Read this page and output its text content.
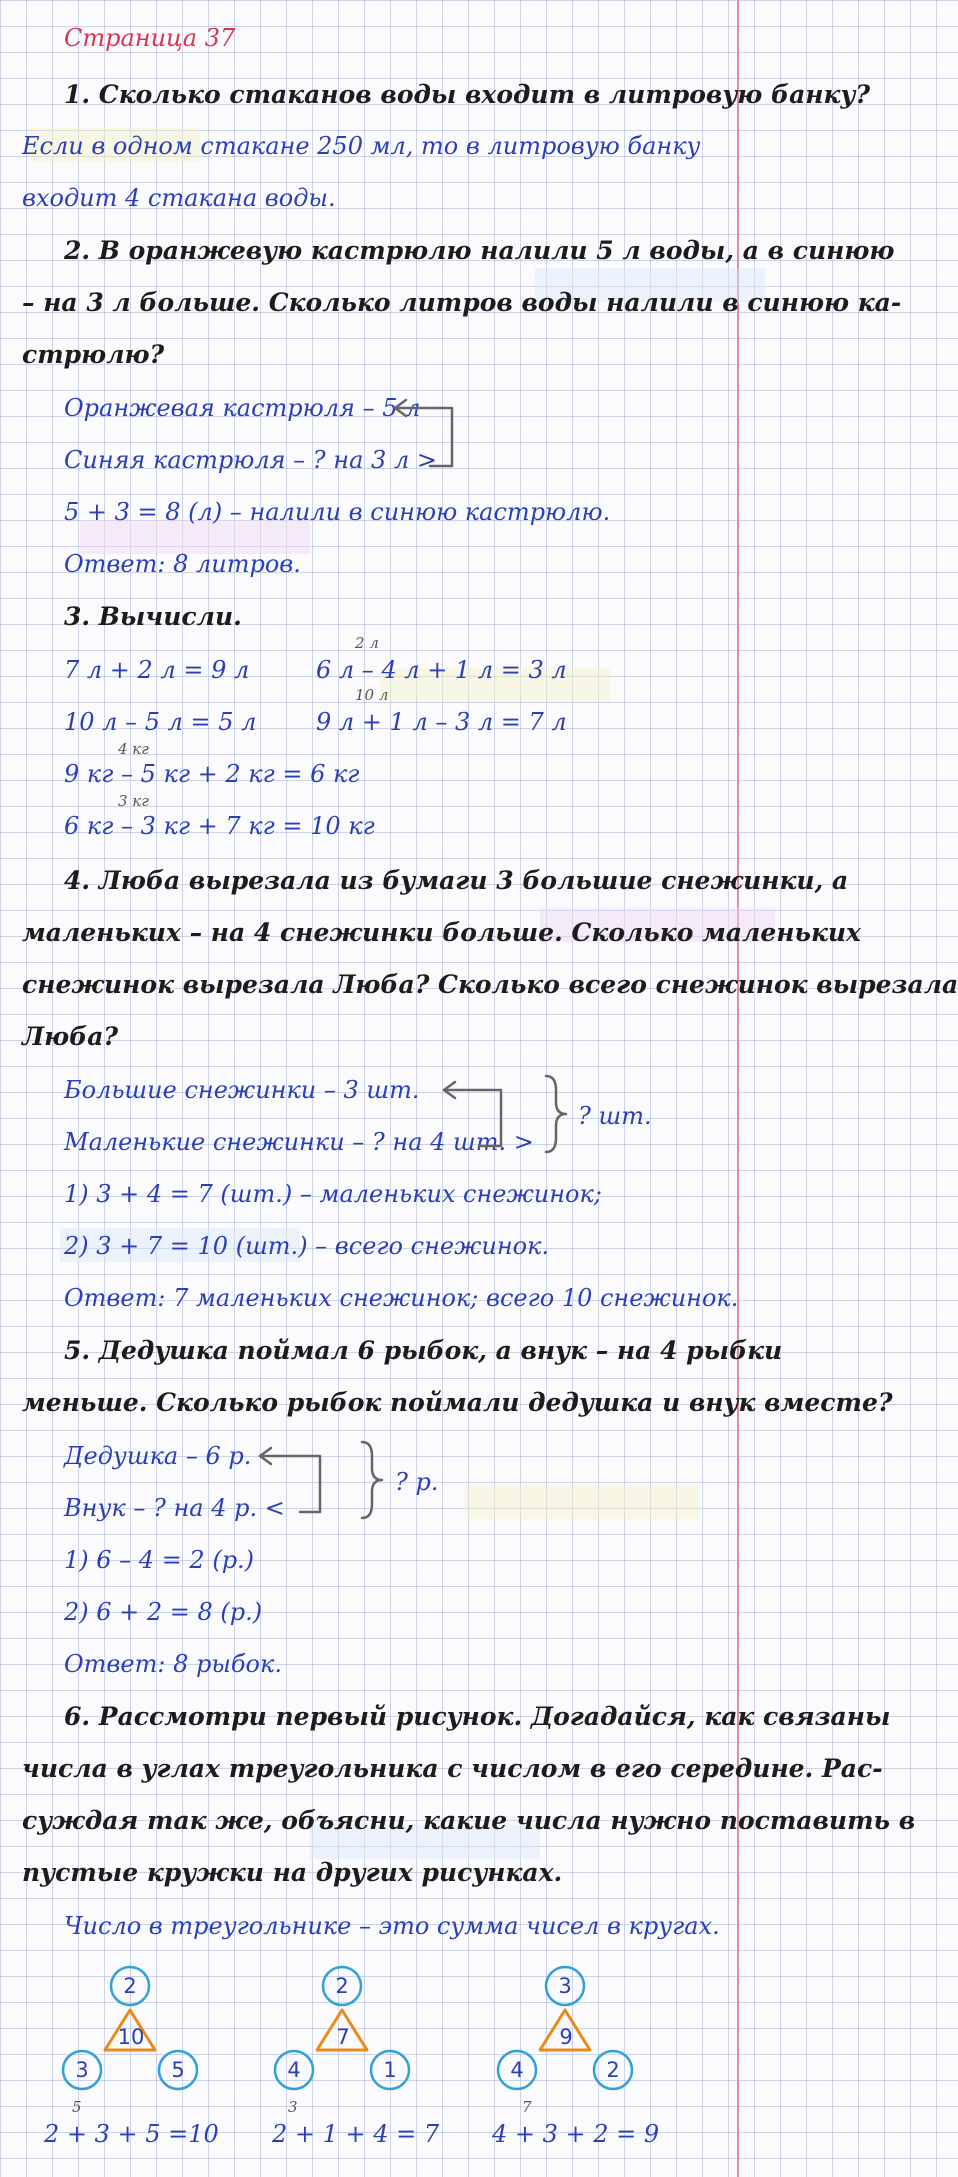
Страница 37
1. Сколько стаканов воды входит в литровую банку?
Если в одном стакане 250 мл, то в литровую банку
входит 4 стакана воды.
2. В оранжевую кастрюлю налили 5 л воды, а в синюю
– на 3 л больше. Сколько литров воды налили в синюю ка-
стрюлю?
Оранжевая кастрюля – 5 л
Синяя кастрюля – ? на 3 л >
5 + 3 = 8 (л) – налили в синюю кастрюлю.
Ответ: 8 литров.
3. Вычисли.
7 л + 2 л = 9 л
10 л – 5 л = 5 л
9 кг – 5 кг + 2 кг = 6 кг
6 кг – 3 кг + 7 кг = 10 кг
6 л – 4 л + 1 л = 3 л
9 л + 1 л – 3 л = 7 л
4 кг
3 кг
2 л
10 л
4. Люба вырезала из бумаги 3 большие снежинки, а
маленьких – на 4 снежинки больше. Сколько маленьких
снежинок вырезала Люба? Сколько всего снежинок вырезала
Люба?
Большие снежинки – 3 шт.
Маленькие снежинки – ? на 4 шт. >
? шт.
1) 3 + 4 = 7 (шт.) – маленьких снежинок;
2) 3 + 7 = 10 (шт.) – всего снежинок.
Ответ: 7 маленьких снежинок; всего 10 снежинок.
5. Дедушка поймал 6 рыбок, а внук – на 4 рыбки
меньше. Сколько рыбок поймали дедушка и внук вместе?
Дедушка – 6 р.
Внук – ? на 4 р. <
? р.
1) 6 – 4 = 2 (р.)
2) 6 + 2 = 8 (р.)
Ответ: 8 рыбок.
6. Рассмотри первый рисунок. Догадайся, как связаны
числа в углах треугольника с числом в его середине. Рас-
суждая так же, объясни, какие числа нужно поставить в
пустые кружки на других рисунках.
Число в треугольнике – это сумма чисел в кругах.
2
3	5
10
2
4	1
7
3
4	2
9
5	3	7
2 + 3 + 5 =10 2 + 1 + 4 = 7 4 + 3 + 2 = 9
